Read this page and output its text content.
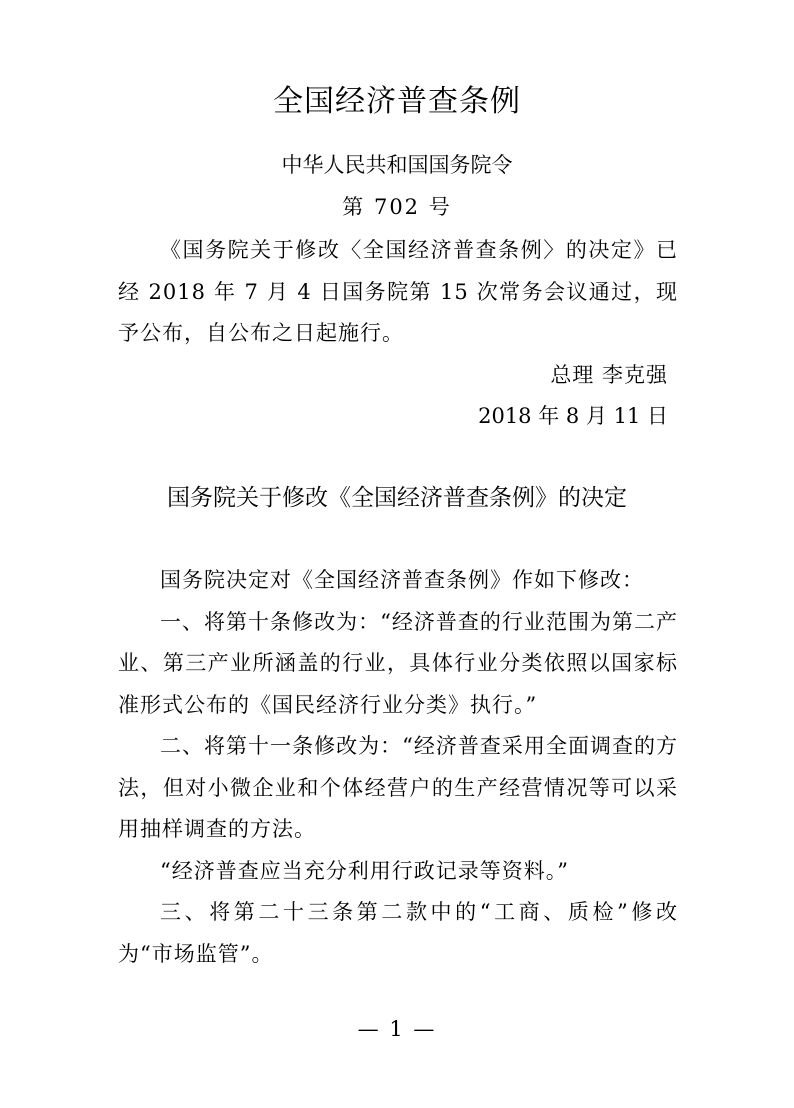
全国经济普查条例
中华人民共和国国务院令
第 702 号

《国务院关于修改〈全国经济普查条例〉的决定》已经 2018 年 7 月 4 日国务院第 15 次常务会议通过，现予公布，自公布之日起施行。

总理 李克强
2018 年 8 月 11 日
国务院关于修改《全国经济普查条例》的决定

国务院决定对《全国经济普查条例》作如下修改：

一、将第十条修改为：“经济普查的行业范围为第二产业、第三产业所涵盖的行业，具体行业分类依照以国家标准形式公布的《国民经济行业分类》执行。”

二、将第十一条修改为：“经济普查采用全面调查的方法，但对小微企业和个体经营户的生产经营情况等可以采用抽样调查的方法。

“经济普查应当充分利用行政记录等资料。”

三、将第二十三条第二款中的“工商、质检”修改为“市场监管”。

— 1 —
